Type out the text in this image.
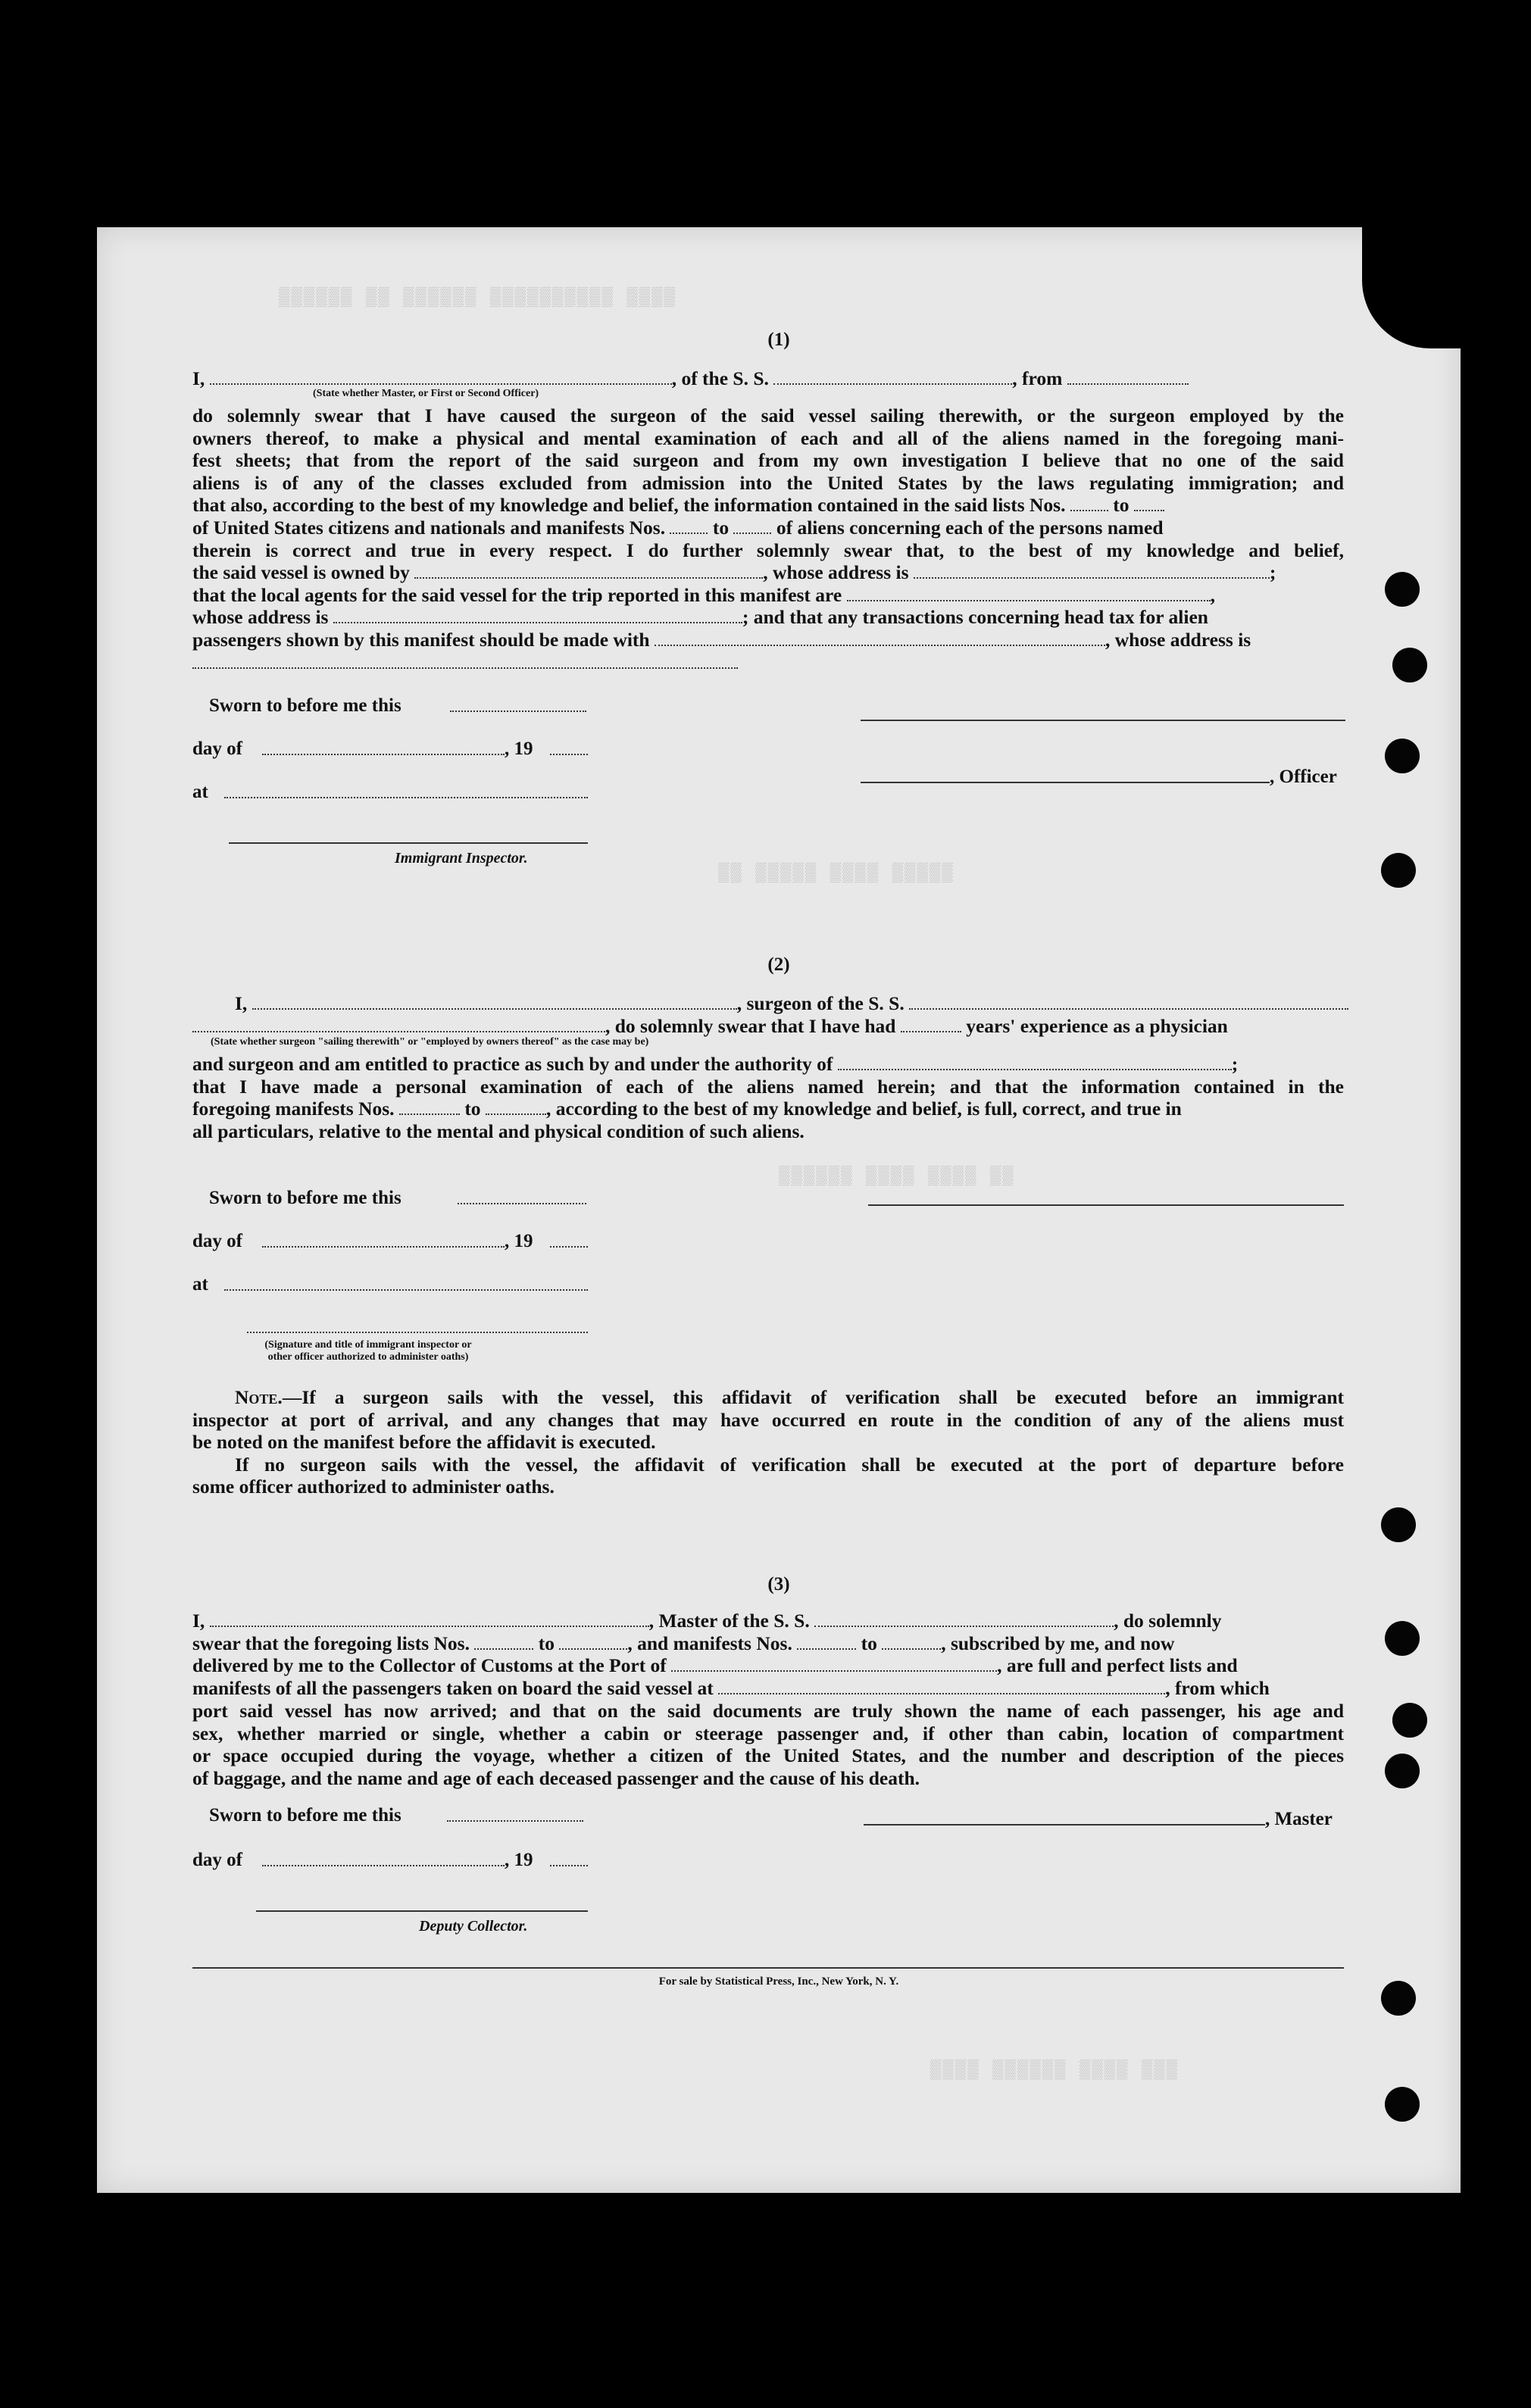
▒▒▒▒▒▒ ▒▒ ▒▒▒▒▒▒ ▒▒▒▒▒▒▒▒▒▒ ▒▒▒▒
▒▒ ▒▒▒▒▒ ▒▒▒▒ ▒▒▒▒▒
▒▒▒▒▒▒ ▒▒▒▒ ▒▒▒▒ ▒▒
▒▒▒▒ ▒▒▒▒▒▒ ▒▒▒▒ ▒▒▒
(1)
I,	, of the S. S.	, from
(State whether Master, or First or Second Officer)
do solemnly swear that I have caused the surgeon of the said vessel sailing therewith, or the surgeon employed by the
owners thereof, to make a physical and mental examination of each and all of the aliens named in the foregoing mani-
fest sheets; that from the report of the said surgeon and from my own investigation I believe that no one of the said
aliens is of any of the classes excluded from admission into the United States by the laws regulating immigration; and
that also, according to the best of my knowledge and belief, the information contained in the said lists Nos. to
of United States citizens and nationals and manifests Nos. to of aliens concerning each of the persons named
therein is correct and true in every respect. I do further solemnly swear that, to the best of my knowledge and belief,
the said vessel is owned by	, whose address is	;
that the local agents for the said vessel for the trip reported in this manifest are	,
whose address is	; and that any transactions concerning head tax for alien
passengers shown by this manifest should be made with	, whose address is
Sworn to before me this
day of	, 19
at
Immigrant Inspector.
, Officer
(2)
I,	, surgeon of the S. S.
, do solemnly swear that I have had	years' experience as a physician
(State whether surgeon "sailing therewith" or "employed by owners thereof" as the case may be)
and surgeon and am entitled to practice as such by and under the authority of	;
that I have made a personal examination of each of the aliens named herein; and that the information contained in the
foregoing manifests Nos.	to	, according to the best of my knowledge and belief, is full, correct, and true in
all particulars, relative to the mental and physical condition of such aliens.
Sworn to before me this
day of	, 19
at
(Signature and title of immigrant inspector or
other officer authorized to administer oaths)
Note.—If a surgeon sails with the vessel, this affidavit of verification shall be executed before an immigrant
inspector at port of arrival, and any changes that may have occurred en route in the condition of any of the aliens must
be noted on the manifest before the affidavit is executed.
If no surgeon sails with the vessel, the affidavit of verification shall be executed at the port of departure before
some officer authorized to administer oaths.
(3)
I,	, Master of the S. S.	, do solemnly
swear that the foregoing lists Nos.	to	, and manifests Nos.	to	, subscribed by me, and now
delivered by me to the Collector of Customs at the Port of	, are full and perfect lists and
manifests of all the passengers taken on board the said vessel at	, from which
port said vessel has now arrived; and that on the said documents are truly shown the name of each passenger, his age and
sex, whether married or single, whether a cabin or steerage passenger and, if other than cabin, location of compartment
or space occupied during the voyage, whether a citizen of the United States, and the number and description of the pieces
of baggage, and the name and age of each deceased passenger and the cause of his death.
Sworn to before me this
day of	, 19
Deputy Collector.
, Master
For sale by Statistical Press, Inc., New York, N. Y.
